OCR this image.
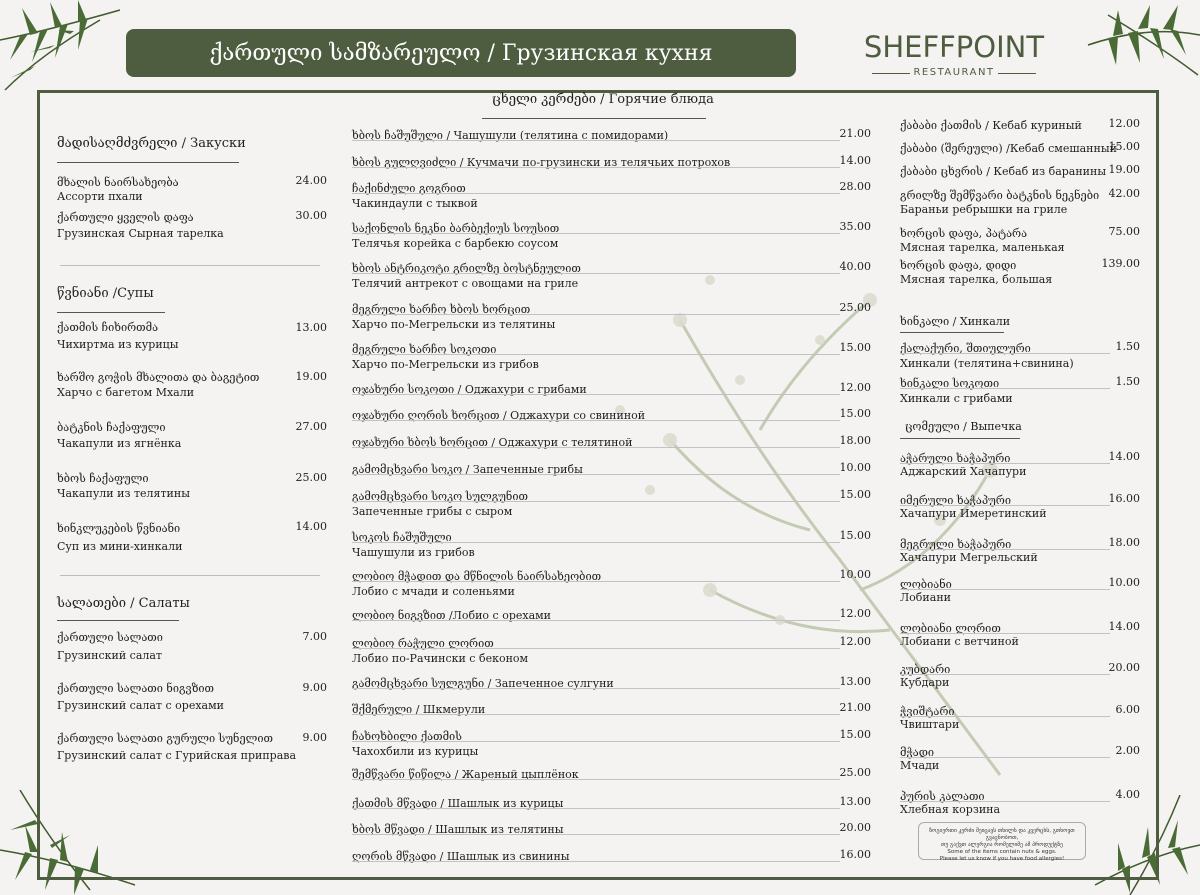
ქართული სამზარეულო / Грузинская кухня	SHEFFPOINT
RESTAURANT
მადისაღმძვრელი / Закуски
მხალის ნაირსახეობა
Ассорти пхали
24.00
ქართული ყველის დაფა
Грузинская Сырная тарелка
30.00
წვნიანი /Супы
ქათმის ჩიხირთმა
Чихиртма из курицы
13.00
ხარშო გოჭის მხალითა და ბაგეტით
Харчо с багетом Мхали
19.00
ბატკნის ჩაქაფული
Чакапули из ягнёнка
27.00
ხბოს ჩაქაფული
Чакапули из телятины
25.00
ხინკლუკების წვნიანი
Суп из мини-хинкали
14.00
სალათები / Салаты
ქართული სალათი
Грузинский салат
7.00
ქართული სალათი ნიგვზით
Грузинский салат с орехами
9.00
ქართული სალათი გურული სუნელით
Грузинский салат с Гурийская приправа
9.00
ცხელი კერძები / Горячие блюда
ხბოს ჩაშუშული / Чашушули (телятина с помидорами)	21.00
ხბოს გულღვიძლი / Кучмачи по-грузински из телячьих потрохов	14.00
ჩაქინძული გოგრით
Чакиндаули с тыквой
28.00
საქონლის ნეკნი ბარბექიუს სოუსით
Телячья корейка с барбекю соусом
35.00
ხბოს ანტრიკოტი გრილზე ბოსტნეულით
Телячий антрекот с овощами на гриле
40.00
მეგრული ხარჩო ხბოს ხორცით
Харчо по-Мегрельски из телятины
25.00
მეგრული ხარჩო სოკოთი
Харчо по-Мегрельски из грибов
15.00
ოჯახური სოკოთი / Оджахури с грибами	12.00
ოჯახური ღორის ხორცით / Оджахури со свининой	15.00
ოჯახური ხბოს ხორცით / Оджахури с телятиной	18.00
გამომცხვარი სოკო / Запеченные грибы	10.00
გამომცხვარი სოკო სულგუნით
Запеченные грибы с сыром
15.00
სოკოს ჩაშუშული
Чашушули из грибов
15.00
ლობიო მჭადით და მწნილის ნაირსახეობით
Лобио с мчади и соленьями
10.00
ლობიო ნიგვზით /Лобио с орехами	12.00
ლობიო რაჭული ლორით
Лобио по-Рачински с беконом
12.00
გამომცხვარი სულგუნი / Запеченное сулгуни	13.00
შქმერული / Шкмерули	21.00
ჩახოხბილი ქათმის
Чахохбили из курицы
15.00
შემწვარი წიწილა / Жареный цыплёнок	25.00
ქათმის მწვადი / Шашлык из курицы	13.00
ხბოს მწვადი / Шашлык из телятины	20.00
ღორის მწვადი / Шашлык из свинины	16.00
ქაბაბი ქათმის / Кебаб куриный	12.00
ქაბაბი (შერეული) /Кебаб смешанный
15.00
ქაბაბი ცხვრის / Кебаб из баранины 19.00
გრილზე შემწვარი ბატკნის ნეკნები
Бараньи ребрышки на гриле
42.00
ხორცის დაფა, პატარა
Мясная тарелка, маленькая
75.00
ხორცის დაფა, დიდი
Мясная тарелка, большая
139.00
ხინკალი / Хинкали
ქალაქური, შთიულური
Хинкали (телятина+свинина)
1.50
ხინკალი სოკოთი
Хинкали с грибами
1.50
ცომეული / Выпечка
აჭარული ხაჭაპური
Аджарский Хачапури
14.00
იმერული ხაჭაპური
Хачапури Имеретинский
16.00
მეგრული ხაჭაპური
Хачапури Мегрельский
18.00
ლობიანი
Лобиани
10.00
ლობიანი ლორით
Лобиани с ветчиной
14.00
კუბდარი
Кубдари
20.00
ჭვიშტარი
Чвиштари
6.00
მჭადი
Мчади
2.00
პურის კალათი
Хлебная корзина
4.00
ზოგიერთი კერძი შეიცავს თხილს და კვერცხს, გთხოვთ გვაცნობოთ,
თუ გაქვთ ალერგია რომელიმე ამ პროდუქტზე
Some of the items contain nuts & eggs.
Please let us know if you have food allergies!
